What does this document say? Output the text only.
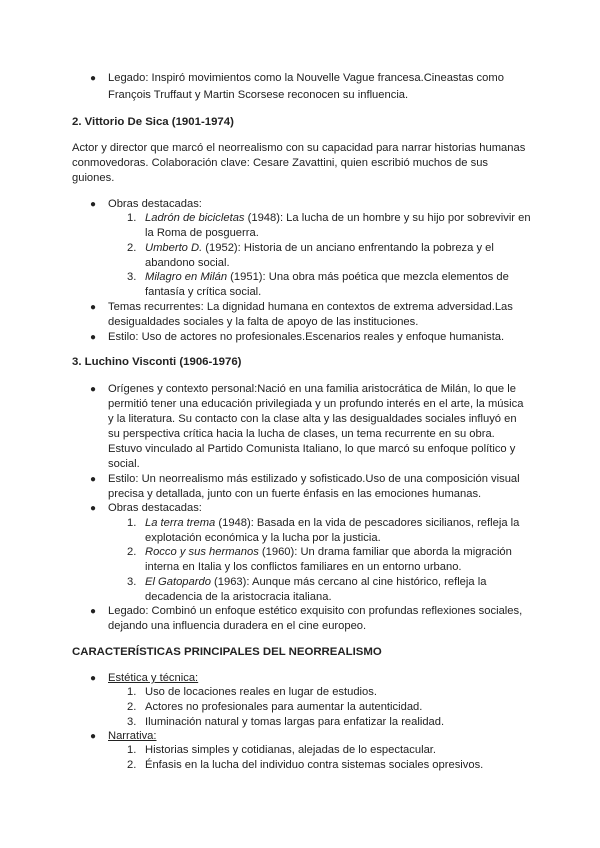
● Legado: Inspiró movimientos como la Nouvelle Vague francesa.Cineastas como
François Truffaut y Martin Scorsese reconocen su influencia.
2. Vittorio De Sica (1901-1974)
Actor y director que marcó el neorrealismo con su capacidad para narrar historias humanas
conmovedoras. Colaboración clave: Cesare Zavattini, quien escribió muchos de sus
guiones.
● Obras destacadas:
1. Ladrón de bicicletas (1948): La lucha de un hombre y su hijo por sobrevivir en
la Roma de posguerra.
2. Umberto D. (1952): Historia de un anciano enfrentando la pobreza y el
abandono social.
3. Milagro en Milán (1951): Una obra más poética que mezcla elementos de
fantasía y crítica social.
● Temas recurrentes: La dignidad humana en contextos de extrema adversidad.Las
desigualdades sociales y la falta de apoyo de las instituciones.
● Estilo: Uso de actores no profesionales.Escenarios reales y enfoque humanista.
3. Luchino Visconti (1906-1976)
● Orígenes y contexto personal:Nació en una familia aristocrática de Milán, lo que le
permitió tener una educación privilegiada y un profundo interés en el arte, la música
y la literatura. Su contacto con la clase alta y las desigualdades sociales influyó en
su perspectiva crítica hacia la lucha de clases, un tema recurrente en su obra.
Estuvo vinculado al Partido Comunista Italiano, lo que marcó su enfoque político y
social.
● Estilo: Un neorrealismo más estilizado y sofisticado.Uso de una composición visual
precisa y detallada, junto con un fuerte énfasis en las emociones humanas.
● Obras destacadas:
1. La terra trema (1948): Basada en la vida de pescadores sicilianos, refleja la
explotación económica y la lucha por la justicia.
2. Rocco y sus hermanos (1960): Un drama familiar que aborda la migración
interna en Italia y los conflictos familiares en un entorno urbano.
3. El Gatopardo (1963): Aunque más cercano al cine histórico, refleja la
decadencia de la aristocracia italiana.
● Legado: Combinó un enfoque estético exquisito con profundas reflexiones sociales,
dejando una influencia duradera en el cine europeo.
CARACTERÍSTICAS PRINCIPALES DEL NEORREALISMO
● Estética y técnica:
1. Uso de locaciones reales en lugar de estudios.
2. Actores no profesionales para aumentar la autenticidad.
3. Iluminación natural y tomas largas para enfatizar la realidad.
● Narrativa:
1. Historias simples y cotidianas, alejadas de lo espectacular.
2. Énfasis en la lucha del individuo contra sistemas sociales opresivos.
